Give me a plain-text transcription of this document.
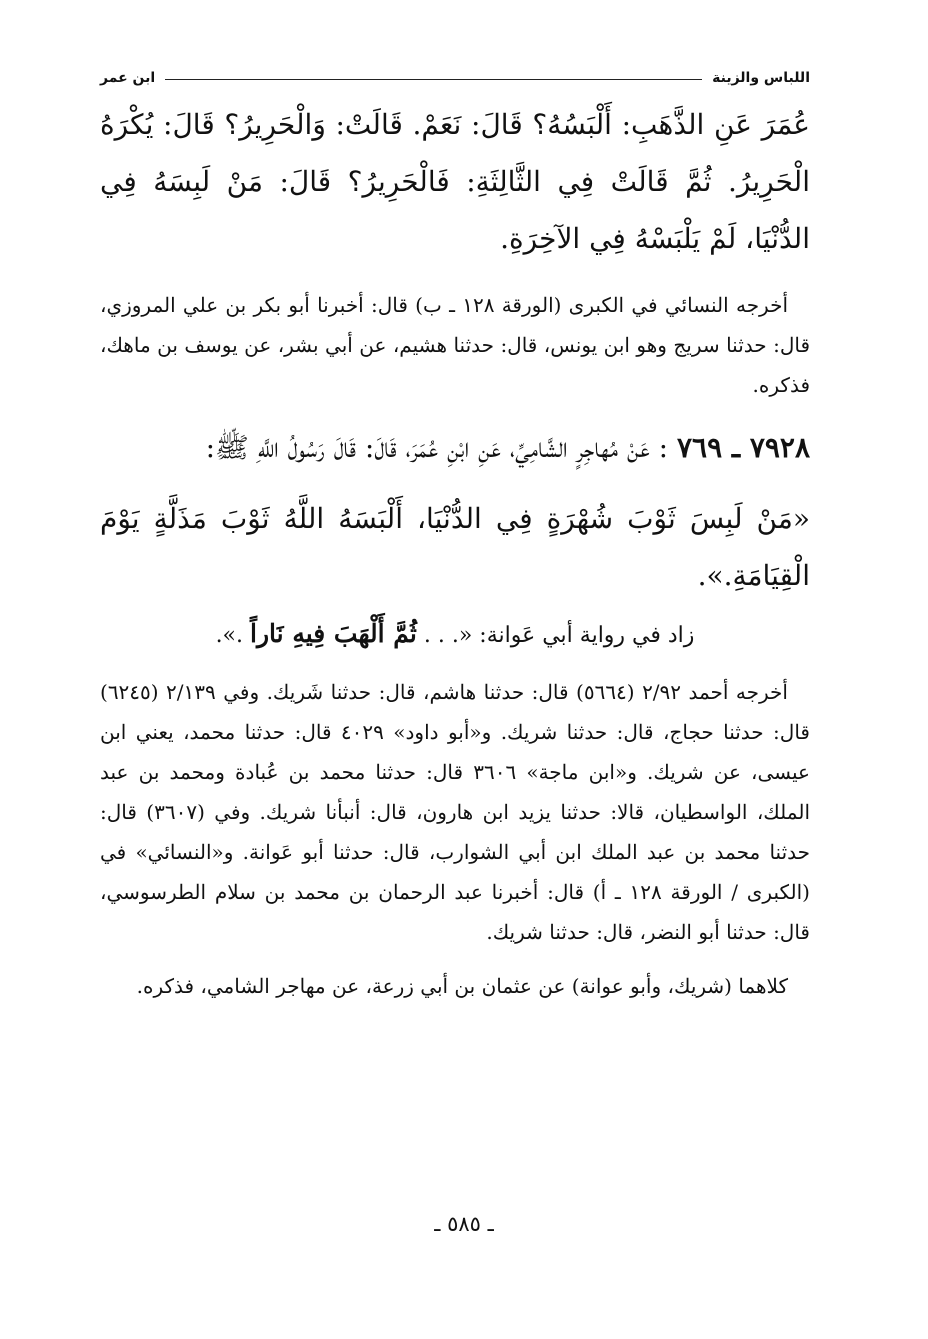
اللباس والزينة
ابن عمر

عُمَرَ عَنِ الذَّهَبِ: أَلْبَسُهُ؟ قَالَ: نَعَمْ. قَالَتْ: وَالْحَرِيرُ؟ قَالَ: يُكْرَهُ الْحَرِيرُ. ثُمَّ قَالَتْ فِي الثَّالِثَةِ: فَالْحَرِيرُ؟ قَالَ: مَنْ لَبِسَهُ فِي الدُّنْيَا، لَمْ يَلْبَسْهُ فِي الآخِرَةِ.

أخرجه النسائي في الكبرى (الورقة ١٢٨ ـ ب) قال: أخبرنا أبو بكر بن علي المروزي، قال: حدثنا سريج وهو ابن يونس، قال: حدثنا هشيم، عن أبي بشر، عن يوسف بن ماهك، فذكره.

٧٩٢٨ ـ ٧٦٩ : عَنْ مُهاجِرٍ الشَّامِيِّ، عَنِ ابْنِ عُمَرَ، قَالَ: قَالَ رَسُولُ اللَّهِ ﷺ:

«مَنْ لَبِسَ ثَوْبَ شُهْرَةٍ فِي الدُّنْيَا، أَلْبَسَهُ اللَّهُ ثَوْبَ مَذَلَّةٍ يَوْمَ الْقِيَامَةِ.».

زاد في رواية أبي عَوانة: «. . . ثُمَّ أَلْهَبَ فِيهِ نَاراً .».

أخرجه أحمد ٢/٩٢ (٥٦٦٤) قال: حدثنا هاشم، قال: حدثنا شَريك. وفي ٢/١٣٩ (٦٢٤٥) قال: حدثنا حجاج، قال: حدثنا شريك. و«أبو داود» ٤٠٢٩ قال: حدثنا محمد، يعني ابن عيسى، عن شريك. و«ابن ماجة» ٣٦٠٦ قال: حدثنا محمد بن عُبادة ومحمد بن عبد الملك، الواسطيان، قالا: حدثنا يزيد ابن هارون، قال: أنبأنا شريك. وفي (٣٦٠٧) قال: حدثنا محمد بن عبد الملك ابن أبي الشوارب، قال: حدثنا أبو عَوانة. و«النسائي» في (الكبرى / الورقة ١٢٨ ـ أ) قال: أخبرنا عبد الرحمان بن محمد بن سلام الطرسوسي، قال: حدثنا أبو النضر، قال: حدثنا شريك.

كلاهما (شريك، وأبو عوانة) عن عثمان بن أبي زرعة، عن مهاجر الشامي، فذكره.

ـ ٥٨٥ ـ
